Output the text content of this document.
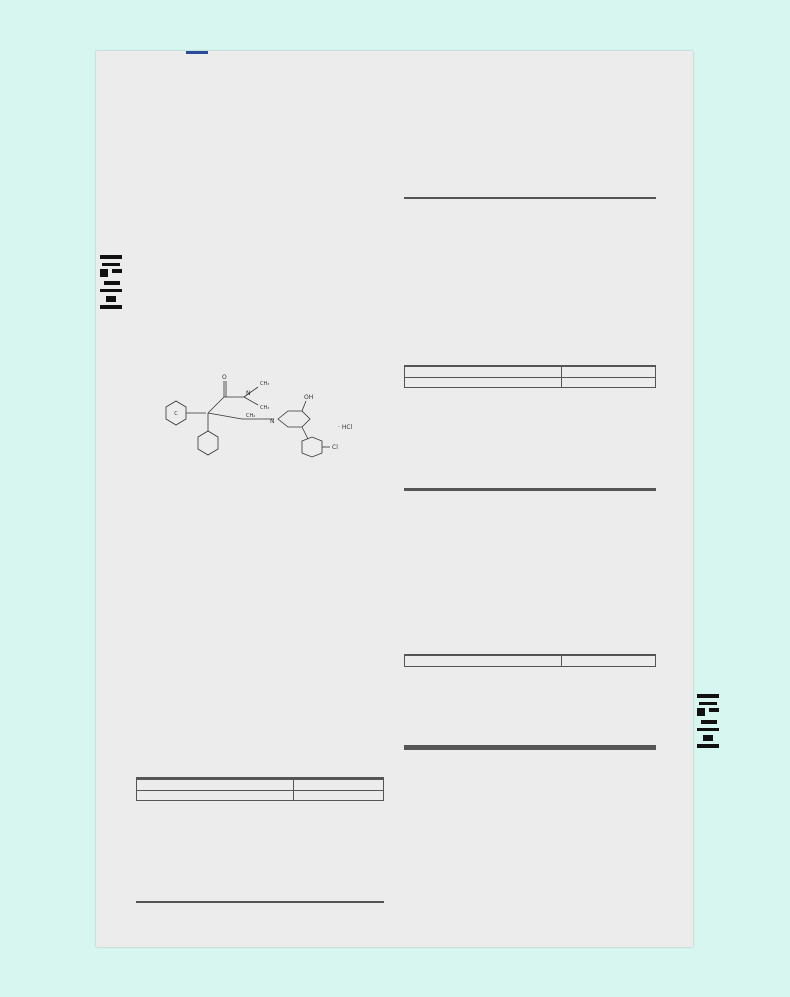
C
O
N
CH₃
CH₃
CH₂
N
OH
Cl
· HCl
